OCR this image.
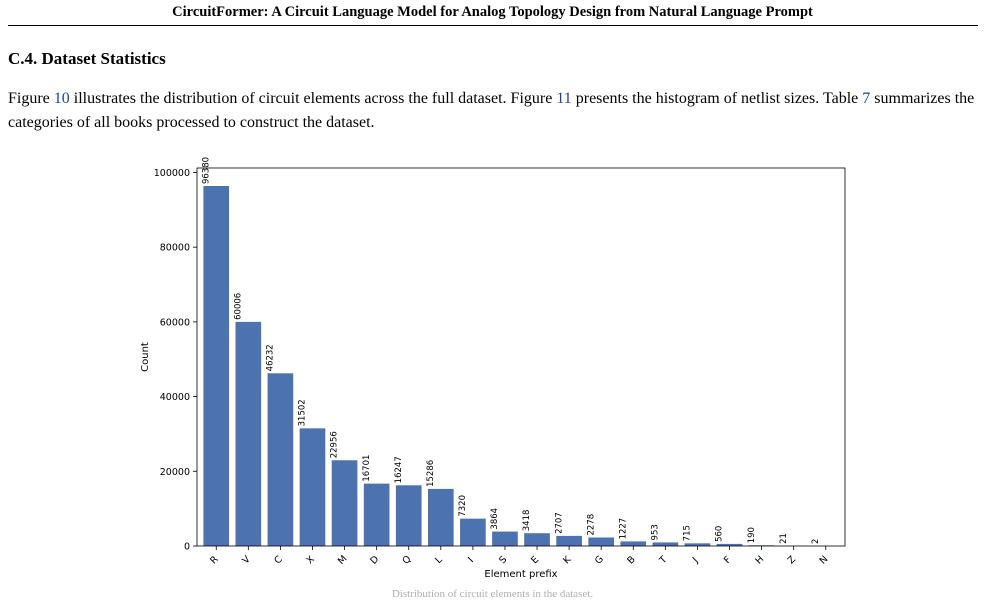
CircuitFormer: A Circuit Language Model for Analog Topology Design from Natural Language Prompt
C.4. Dataset Statistics
Figure 10 illustrates the distribution of circuit elements across the full dataset. Figure 11 presents the histogram of netlist sizes. Table 7 summarizes the categories of all books processed to construct the dataset.
96380
60006
46232
31502
22956
16701	16247	15286
7320
3864	3418	2707	2278	1227	953	715	560	190	21	2
0
20000
40000
60000
80000
100000
R V C X M D Q L I S E K G B T J F H Z N
Element prefix
Count
Distribution of circuit elements in the dataset.
